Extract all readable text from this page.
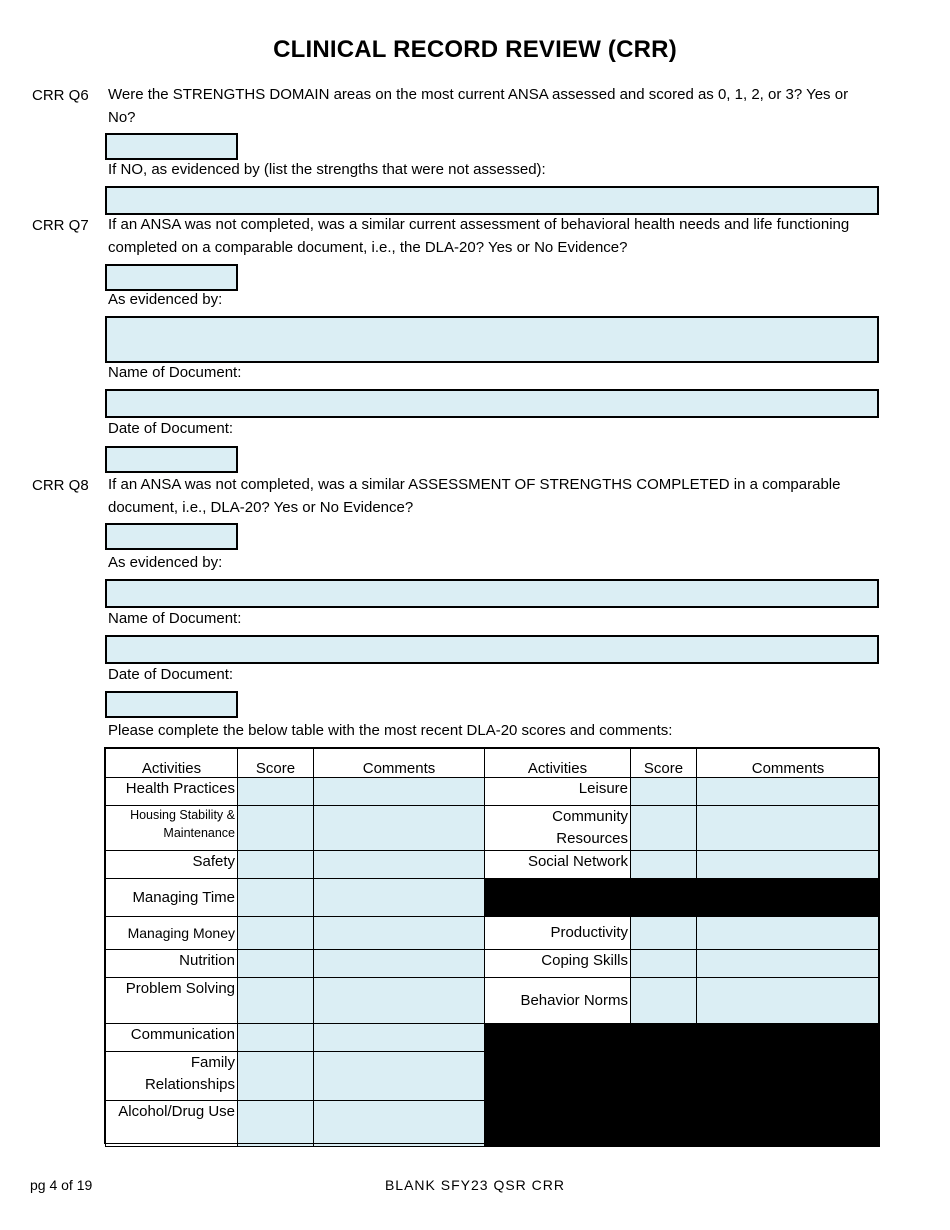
CLINICAL RECORD REVIEW (CRR)
CRR Q6 Were the STRENGTHS DOMAIN areas on the most current ANSA assessed and scored as 0, 1, 2, or 3? Yes or No?
If NO, as evidenced by (list the strengths that were not assessed):
CRR Q7 If an ANSA was not completed, was a similar current assessment of behavioral health needs and life functioning completed on a comparable document, i.e., the DLA-20? Yes or No Evidence?
As evidenced by:
Name of Document:
Date of Document:
CRR Q8 If an ANSA was not completed, was a similar ASSESSMENT OF STRENGTHS COMPLETED in a comparable document, i.e., DLA-20? Yes or No Evidence?
As evidenced by:
Name of Document:
Date of Document:
Please complete the below table with the most recent DLA-20 scores and comments:
Activities	Score	Comments	Activities	Score	Comments
Health Practices			Leisure		
Housing Stability & Maintenance			Community Resources		
Safety			Social Network		
Managing Time					
Managing Money			Productivity		
Nutrition			Coping Skills		
Problem Solving			Behavior Norms		
Communication					
Family Relationships					
Alcohol/Drug Use					
pg 4 of 19	BLANK SFY23 QSR CRR
